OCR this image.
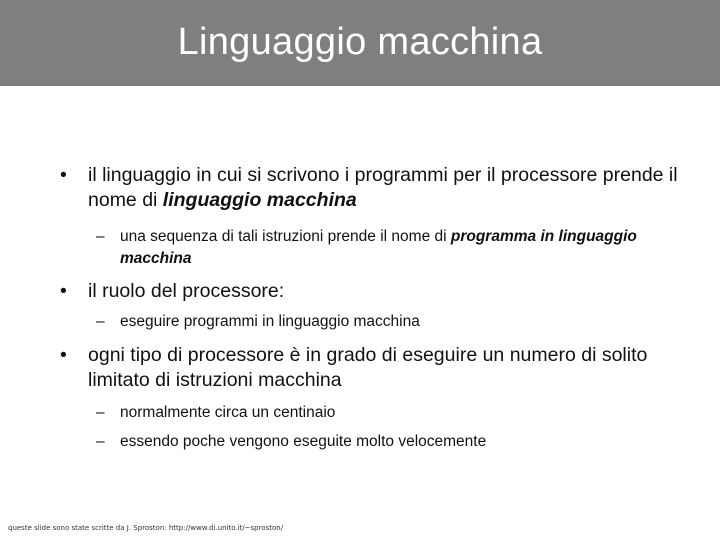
Linguaggio macchina
•	il linguaggio in cui si scrivono i programmi per il processore prende il nome di linguaggio macchina
– una sequenza di tali istruzioni prende il nome di programma in linguaggio macchina
•	il ruolo del processore:
– eseguire programmi in linguaggio macchina
•	ogni tipo di processore è in grado di eseguire un numero di solito limitato di istruzioni macchina
– normalmente circa un centinaio
– essendo poche vengono eseguite molto velocemente
queste slide sono state scritte da J. Sproston: http://www.di.unito.it/~sproston/
